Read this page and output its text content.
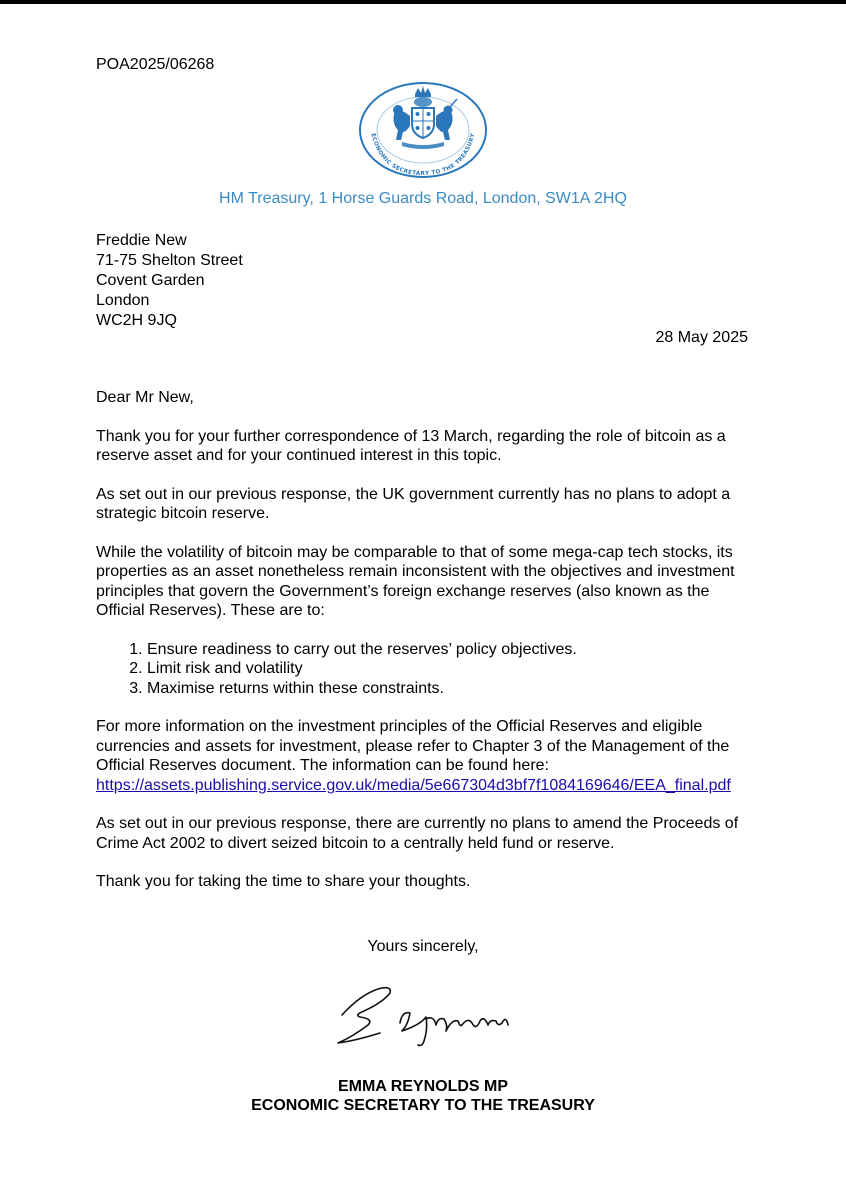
POA2025/06268
ECONOMIC SECRETARY TO THE TREASURY
HM Treasury, 1 Horse Guards Road, London, SW1A 2HQ
Freddie New
71-75 Shelton Street
Covent Garden
London
WC2H 9JQ
28 May 2025

Dear Mr New,

Thank you for your further correspondence of 13 March, regarding the role of bitcoin as a reserve asset and for your continued interest in this topic.

As set out in our previous response, the UK government currently has no plans to adopt a strategic bitcoin reserve.

While the volatility of bitcoin may be comparable to that of some mega-cap tech stocks, its properties as an asset nonetheless remain inconsistent with the objectives and investment principles that govern the Government’s foreign exchange reserves (also known as the Official Reserves). These are to:

1. Ensure readiness to carry out the reserves’ policy objectives.
2. Limit risk and volatility
3. Maximise returns within these constraints.

For more information on the investment principles of the Official Reserves and eligible currencies and assets for investment, please refer to Chapter 3 of the Management of the Official Reserves document. The information can be found here:
https://assets.publishing.service.gov.uk/media/5e667304d3bf7f1084169646/EEA_final.pdf

As set out in our previous response, there are currently no plans to amend the Proceeds of Crime Act 2002 to divert seized bitcoin to a centrally held fund or reserve.

Thank you for taking the time to share your thoughts.

Yours sincerely,
EMMA REYNOLDS MP
ECONOMIC SECRETARY TO THE TREASURY
